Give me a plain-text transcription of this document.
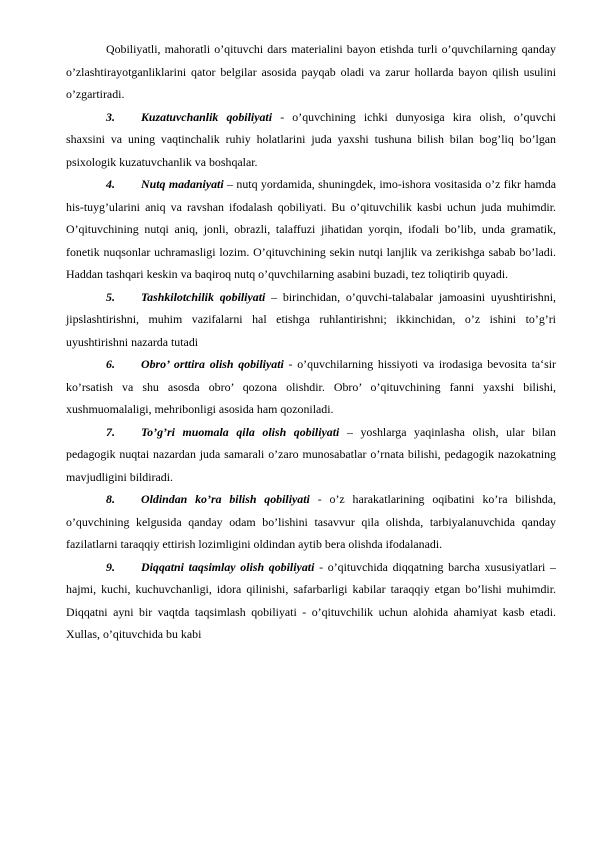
Qobiliyatli, mahoratli o’qituvchi dars materialini bayon etishda turli o’quvchilarning qanday o’zlashtirayotganliklarini qator belgilar asosida payqab oladi va zarur hollarda bayon qilish usulini o’zgartiradi.

3. Kuzatuvchanlik qobiliyati - o’quvchining ichki dunyosiga kira olish, o’quvchi shaxsini va uning vaqtinchalik ruhiy holatlarini juda yaxshi tushuna bilish bilan bog’liq bo’lgan psixologik kuzatuvchanlik va boshqalar.

4. Nutq madaniyati – nutq yordamida, shuningdek, imo-ishora vositasida o’z fikr hamda his-tuyg’ularini aniq va ravshan ifodalash qobiliyati. Bu o’qituvchilik kasbi uchun juda muhimdir. O’qituvchining nutqi aniq, jonli, obrazli, talaffuzi jihatidan yorqin, ifodali bo’lib, unda gramatik, fonetik nuqsonlar uchramasligi lozim. O’qituvchining sekin nutqi lanjlik va zerikishga sabab bo’ladi. Haddan tashqari keskin va baqiroq nutq o’quvchilarning asabini buzadi, tez toliqtirib quyadi.

5. Tashkilotchilik qobiliyati – birinchidan, o’quvchi-talabalar jamoasini uyushtirishni, jipslashtirishni, muhim vazifalarni hal etishga ruhlantirishni; ikkinchidan, o’z ishini to’g’ri uyushtirishni nazarda tutadi

6. Obro’ orttira olish qobiliyati - o’quvchilarning hissiyoti va irodasiga bevosita ta‘sir ko’rsatish va shu asosda obro’ qozona olishdir. Obro’ o’qituvchining fanni yaxshi bilishi, xushmuomalaligi, mehribonligi asosida ham qozoniladi.

7. To’g’ri muomala qila olish qobiliyati – yoshlarga yaqinlasha olish, ular bilan pedagogik nuqtai nazardan juda samarali o’zaro munosabatlar o’rnata bilishi, pedagogik nazokatning mavjudligini bildiradi.

8. Oldindan ko’ra bilish qobiliyati - o’z harakatlarining oqibatini ko’ra bilishda, o’quvchining kelgusida qanday odam bo’lishini tasavvur qila olishda, tarbiyalanuvchida qanday fazilatlarni taraqqiy ettirish lozimligini oldindan aytib bera olishda ifodalanadi.

9. Diqqatni taqsimlay olish qobiliyati - o’qituvchida diqqatning barcha xususiyatlari – hajmi, kuchi, kuchuvchanligi, idora qilinishi, safarbarligi kabilar taraqqiy etgan bo’lishi muhimdir. Diqqatni ayni bir vaqtda taqsimlash qobiliyati - o’qituvchilik uchun alohida ahamiyat kasb etadi. Xullas, o’qituvchida bu kabi
